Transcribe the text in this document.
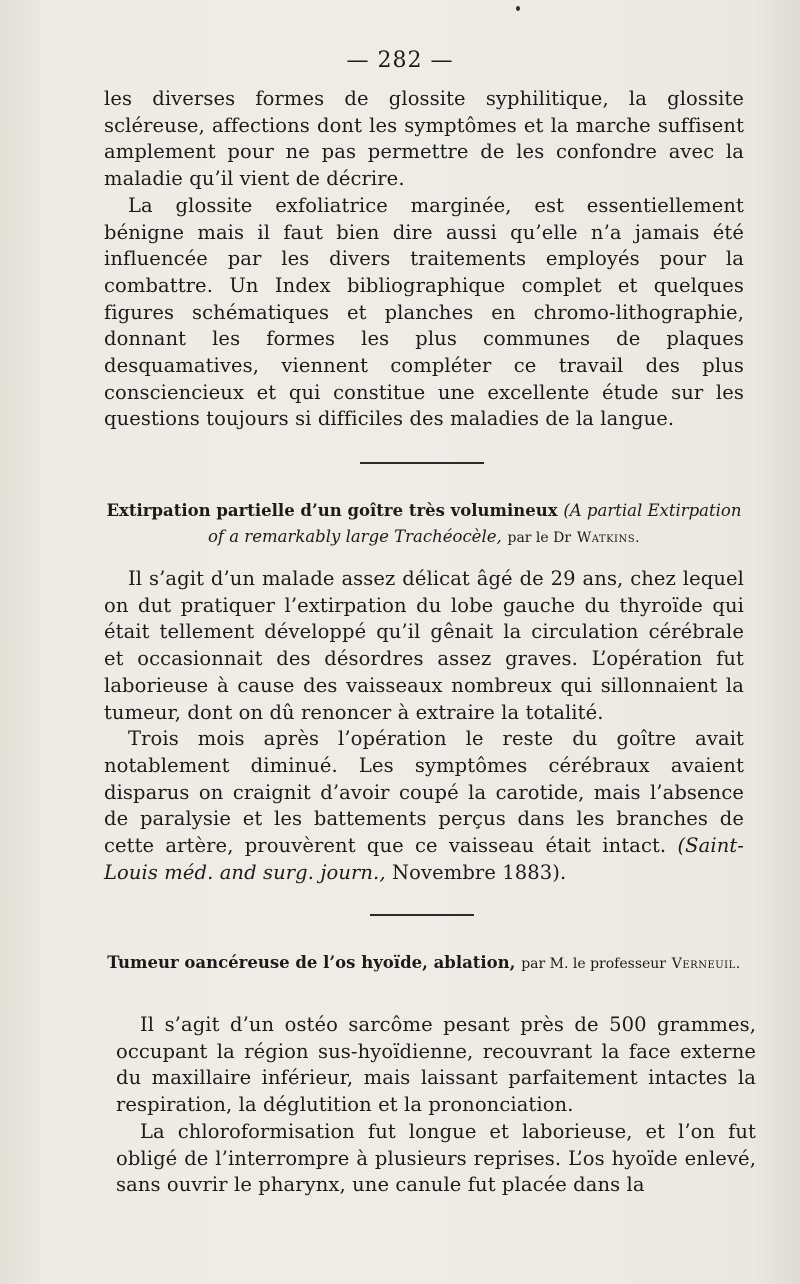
— 282 —

les diverses formes de glossite syphilitique, la glossite scléreuse, affections dont les symptômes et la marche suffisent amplement pour ne pas permettre de les confondre avec la maladie qu’il vient de décrire.

La glossite exfoliatrice marginée, est essentiellement bénigne mais il faut bien dire aussi qu’elle n’a jamais été influencée par les divers traitements employés pour la combattre. Un Index bibliographique complet et quelques figures schématiques et planches en chromo-lithographie, donnant les formes les plus communes de plaques desquamatives, viennent compléter ce travail des plus consciencieux et qui constitue une excellente étude sur les questions toujours si difficiles des maladies de la langue.

Extirpation partielle d’un goître très volumineux (A partial Extirpation of a remarkably large Trachéocèle, par le Dr Watkins.

Il s’agit d’un malade assez délicat âgé de 29 ans, chez lequel on dut pratiquer l’extirpation du lobe gauche du thyroïde qui était tellement développé qu’il gênait la circulation cérébrale et occasionnait des désordres assez graves. L’opération fut laborieuse à cause des vaisseaux nombreux qui sillonnaient la tumeur, dont on dû renoncer à extraire la totalité.

Trois mois après l’opération le reste du goître avait notablement diminué. Les symptômes cérébraux avaient disparus on craignit d’avoir coupé la carotide, mais l’absence de paralysie et les battements perçus dans les branches de cette artère, prouvèrent que ce vaisseau était intact. (Saint-Louis méd. and surg. journ., Novembre 1883).

Tumeur oancéreuse de l’os hyoïde, ablation, par M. le professeur Verneuil.

Il s’agit d’un ostéo sarcôme pesant près de 500 grammes, occupant la région sus-hyoïdienne, recouvrant la face externe du maxillaire inférieur, mais laissant parfaitement intactes la respiration, la déglutition et la prononciation.

La chloroformisation fut longue et laborieuse, et l’on fut obligé de l’interrompre à plusieurs reprises. L’os hyoïde enlevé, sans ouvrir le pharynx, une canule fut placée dans la
